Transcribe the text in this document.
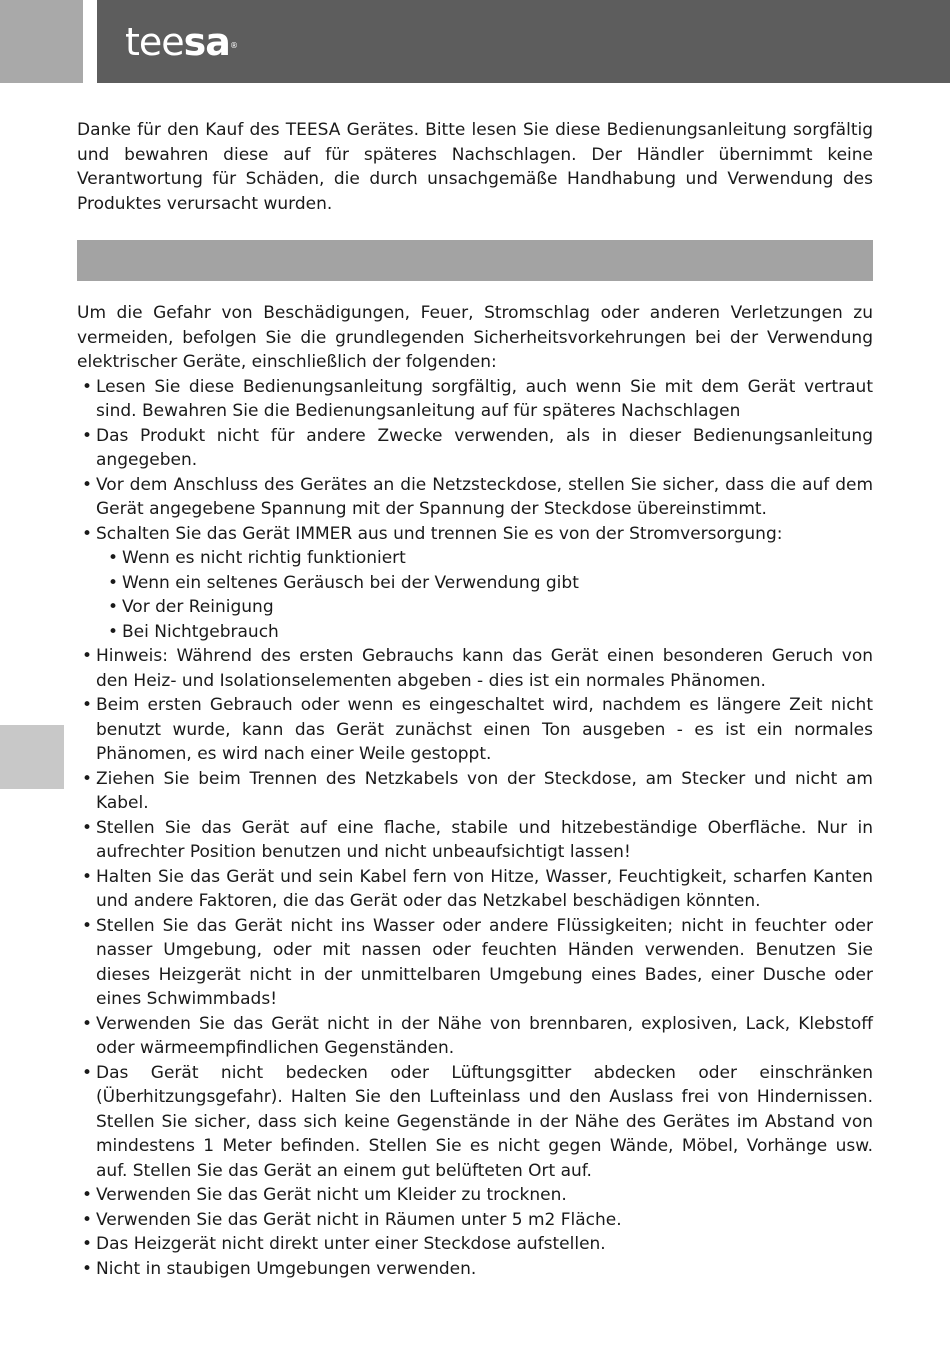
teesa®

Danke für den Kauf des TEESA Gerätes. Bitte lesen Sie diese Bedienungsanleitung sorgfältig und bewahren diese auf für späteres Nachschlagen. Der Händler übernimmt keine Verantwortung für Schäden, die durch unsachgemäße Handhabung und Verwendung des Produktes verursacht wurden.

Um die Gefahr von Beschädigungen, Feuer, Stromschlag oder anderen Verletzungen zu vermeiden, befolgen Sie die grundlegenden Sicherheitsvorkehrungen bei der Verwendung elektrischer Geräte, einschließlich der folgenden:

• Lesen Sie diese Bedienungsanleitung sorgfältig, auch wenn Sie mit dem Gerät vertraut sind. Bewahren Sie die Bedienungsanleitung auf für späteres Nachschlagen
• Das Produkt nicht für andere Zwecke verwenden, als in dieser Bedienungsanleitung angegeben.
• Vor dem Anschluss des Gerätes an die Netzsteckdose, stellen Sie sicher, dass die auf dem Gerät angegebene Spannung mit der Spannung der Steckdose übereinstimmt.
• Schalten Sie das Gerät IMMER aus und trennen Sie es von der Stromversorgung:
• Wenn es nicht richtig funktioniert
• Wenn ein seltenes Geräusch bei der Verwendung gibt
• Vor der Reinigung
• Bei Nichtgebrauch
• Hinweis: Während des ersten Gebrauchs kann das Gerät einen besonderen Geruch von den Heiz- und Isolationselementen abgeben - dies ist ein normales Phänomen.
• Beim ersten Gebrauch oder wenn es eingeschaltet wird, nachdem es längere Zeit nicht benutzt wurde, kann das Gerät zunächst einen Ton ausgeben - es ist ein normales Phänomen, es wird nach einer Weile gestoppt.
• Ziehen Sie beim Trennen des Netzkabels von der Steckdose, am Stecker und nicht am Kabel.
• Stellen Sie das Gerät auf eine flache, stabile und hitzebeständige Oberfläche. Nur in aufrechter Position benutzen und nicht unbeaufsichtigt lassen!
• Halten Sie das Gerät und sein Kabel fern von Hitze, Wasser, Feuchtigkeit, scharfen Kanten und andere Faktoren, die das Gerät oder das Netzkabel beschädigen könnten.
• Stellen Sie das Gerät nicht ins Wasser oder andere Flüssigkeiten; nicht in feuchter oder nasser Umgebung, oder mit nassen oder feuchten Händen verwenden. Benutzen Sie dieses Heizgerät nicht in der unmittelbaren Umgebung eines Bades, einer Dusche oder eines Schwimmbads!
• Verwenden Sie das Gerät nicht in der Nähe von brennbaren, explosiven, Lack, Klebstoff oder wärmeempfindlichen Gegenständen.
• Das Gerät nicht bedecken oder Lüftungsgitter abdecken oder einschränken (Überhitzungsgefahr). Halten Sie den Lufteinlass und den Auslass frei von Hindernissen. Stellen Sie sicher, dass sich keine Gegenstände in der Nähe des Gerätes im Abstand von mindestens 1 Meter befinden. Stellen Sie es nicht gegen Wände, Möbel, Vorhänge usw. auf. Stellen Sie das Gerät an einem gut belüfteten Ort auf.
• Verwenden Sie das Gerät nicht um Kleider zu trocknen.
• Verwenden Sie das Gerät nicht in Räumen unter 5 m2 Fläche.
• Das Heizgerät nicht direkt unter einer Steckdose aufstellen.
• Nicht in staubigen Umgebungen verwenden.
